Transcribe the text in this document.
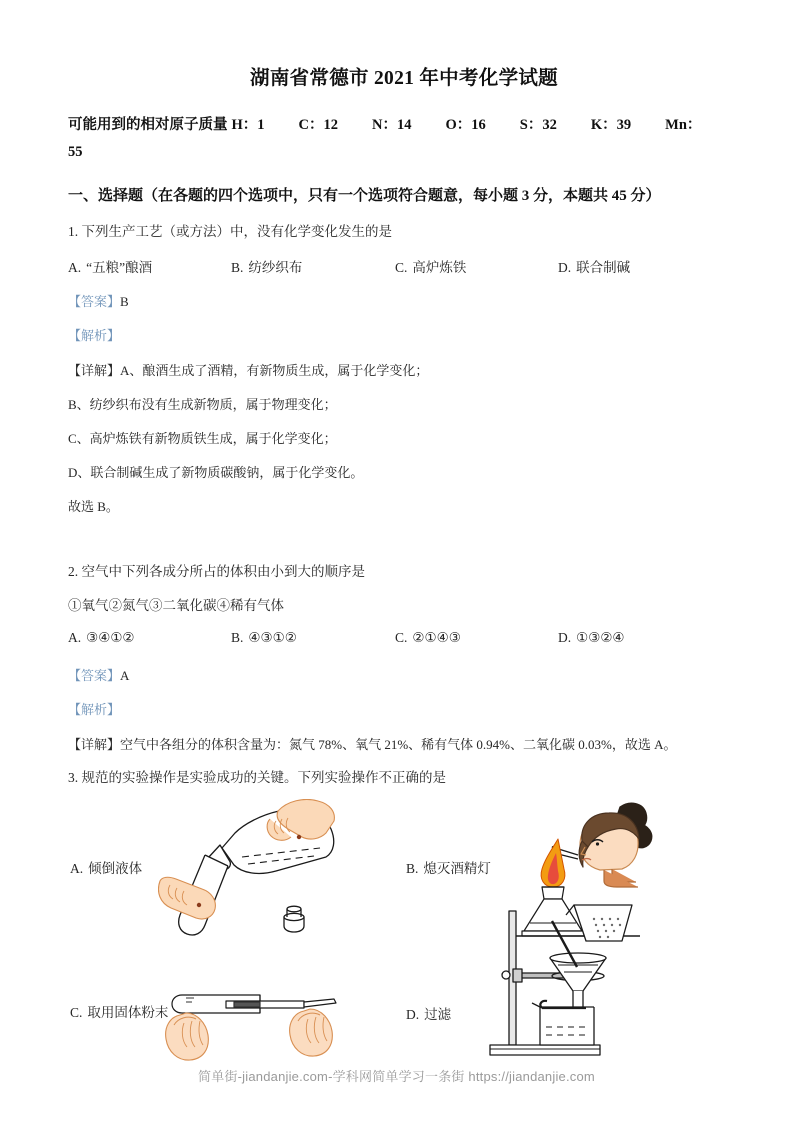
湖南省常德市 2021 年中考化学试题
可能用到的相对原子质量 H：1 C：12 N：14 O：16 S：32 K：39 Mn：
55
一、选择题（在各题的四个选项中，只有一个选项符合题意，每小题 3 分，本题共 45 分）
1. 下列生产工艺（或方法）中，没有化学变化发生的是
A. “五粮”酿酒	B. 纺纱织布	C. 高炉炼铁	D. 联合制碱
【答案】B
【解析】
【详解】A、酿酒生成了酒精，有新物质生成，属于化学变化；
B、纺纱织布没有生成新物质，属于物理变化；
C、高炉炼铁有新物质铁生成，属于化学变化；
D、联合制碱生成了新物质碳酸钠，属于化学变化。
故选 B。
2. 空气中下列各成分所占的体积由小到大的顺序是
①氧气②氮气③二氧化碳④稀有气体
A. ③④①②	B. ④③①②	C. ②①④③	D. ①③②④
【答案】A
【解析】
【详解】空气中各组分的体积含量为：氮气 78%、氧气 21%、稀有气体 0.94%、二氧化碳 0.03%，故选 A。
3. 规范的实验操作是实验成功的关键。下列实验操作不正确的是
A. 倾倒液体	B. 熄灭酒精灯
C. 取用固体粉末	D. 过滤
简单街-jiandanjie.com-学科网简单学习一条街 https://jiandanjie.com
